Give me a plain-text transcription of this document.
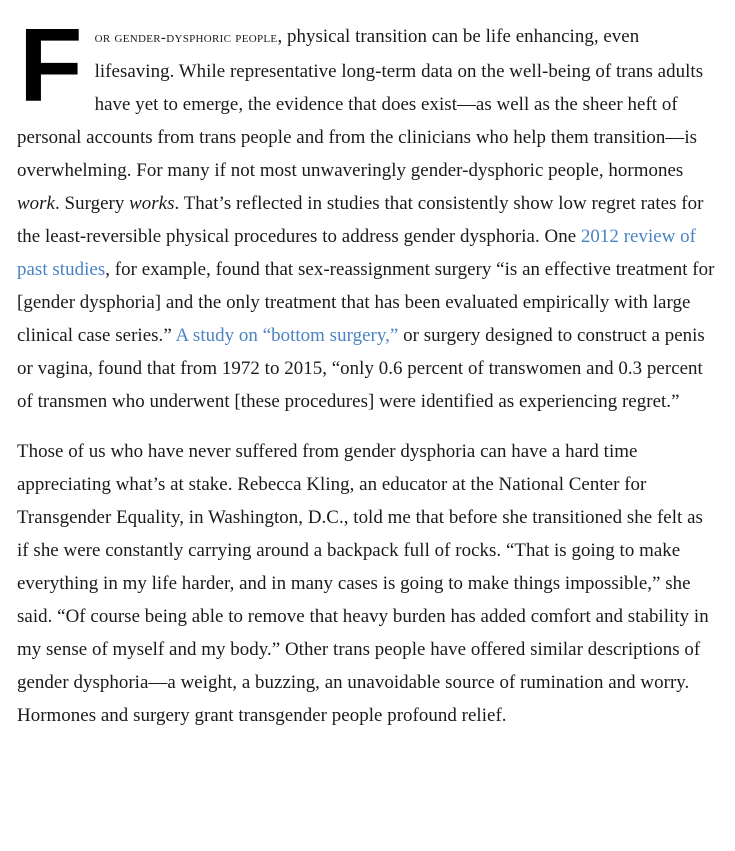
For gender-dysphoric people, physical transition can be life enhancing, even lifesaving. While representative long-term data on the well-being of trans adults have yet to emerge, the evidence that does exist—as well as the sheer heft of personal accounts from trans people and from the clinicians who help them transition—is overwhelming. For many if not most unwaveringly gender-dysphoric people, hormones work. Surgery works. That’s reflected in studies that consistently show low regret rates for the least-reversible physical procedures to address gender dysphoria. One 2012 review of past studies, for example, found that sex-reassignment surgery “is an effective treatment for [gender dysphoria] and the only treatment that has been evaluated empirically with large clinical case series.” A study on “bottom surgery,” or surgery designed to construct a penis or vagina, found that from 1972 to 2015, “only 0.6 percent of transwomen and 0.3 percent of transmen who underwent [these procedures] were identified as experiencing regret.”

Those of us who have never suffered from gender dysphoria can have a hard time appreciating what’s at stake. Rebecca Kling, an educator at the National Center for Transgender Equality, in Washington, D.C., told me that before she transitioned she felt as if she were constantly carrying around a backpack full of rocks. “That is going to make everything in my life harder, and in many cases is going to make things impossible,” she said. “Of course being able to remove that heavy burden has added comfort and stability in my sense of myself and my body.” Other trans people have offered similar descriptions of gender dysphoria—a weight, a buzzing, an unavoidable source of rumination and worry. Hormones and surgery grant transgender people profound relief.
